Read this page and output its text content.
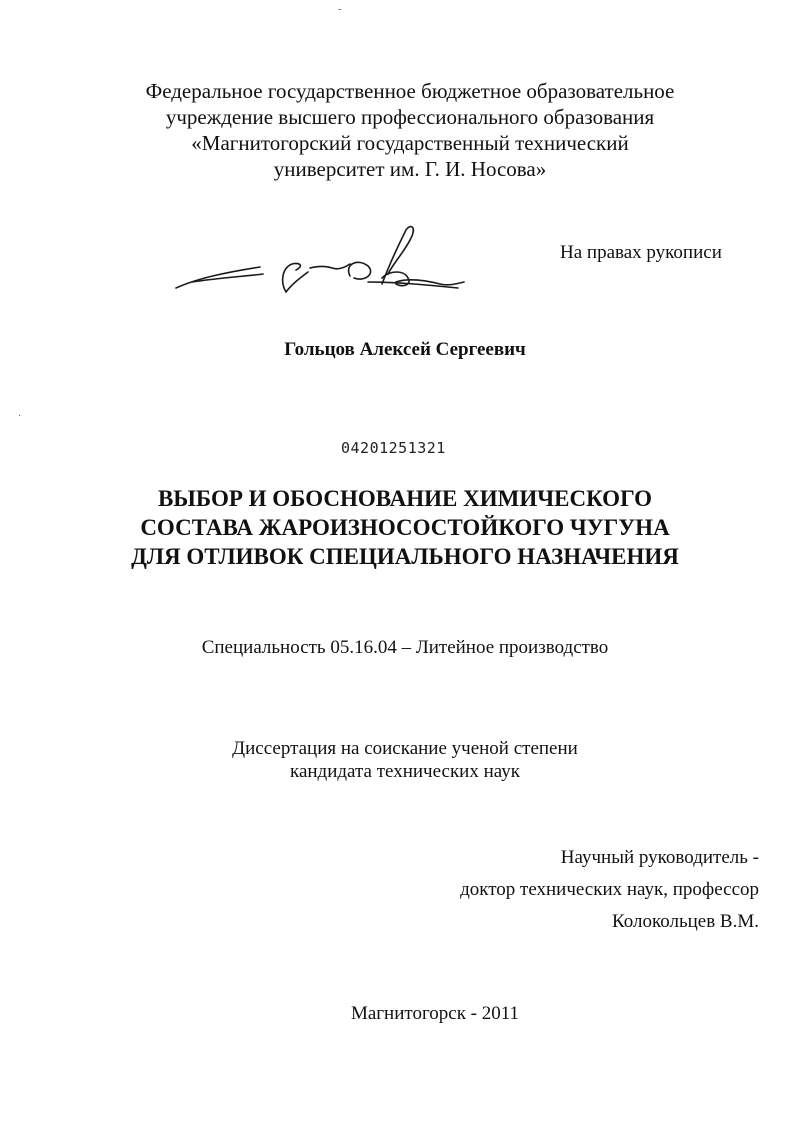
-
Федеральное государственное бюджетное образовательное
учреждение высшего профессионального образования
«Магнитогорский государственный технический
университет им. Г. И. Носова»
На правах рукописи
Гольцов Алексей Сергеевич
·
04201251321
ВЫБОР И ОБОСНОВАНИЕ ХИМИЧЕСКОГО
СОСТАВА ЖАРОИЗНОСОСТОЙКОГО ЧУГУНА
ДЛЯ ОТЛИВОК СПЕЦИАЛЬНОГО НАЗНАЧЕНИЯ
Специальность 05.16.04 – Литейное производство
Диссертация на соискание ученой степени
кандидата технических наук
Научный руководитель -
доктор технических наук, профессор
Колокольцев В.М.
Магнитогорск - 2011
